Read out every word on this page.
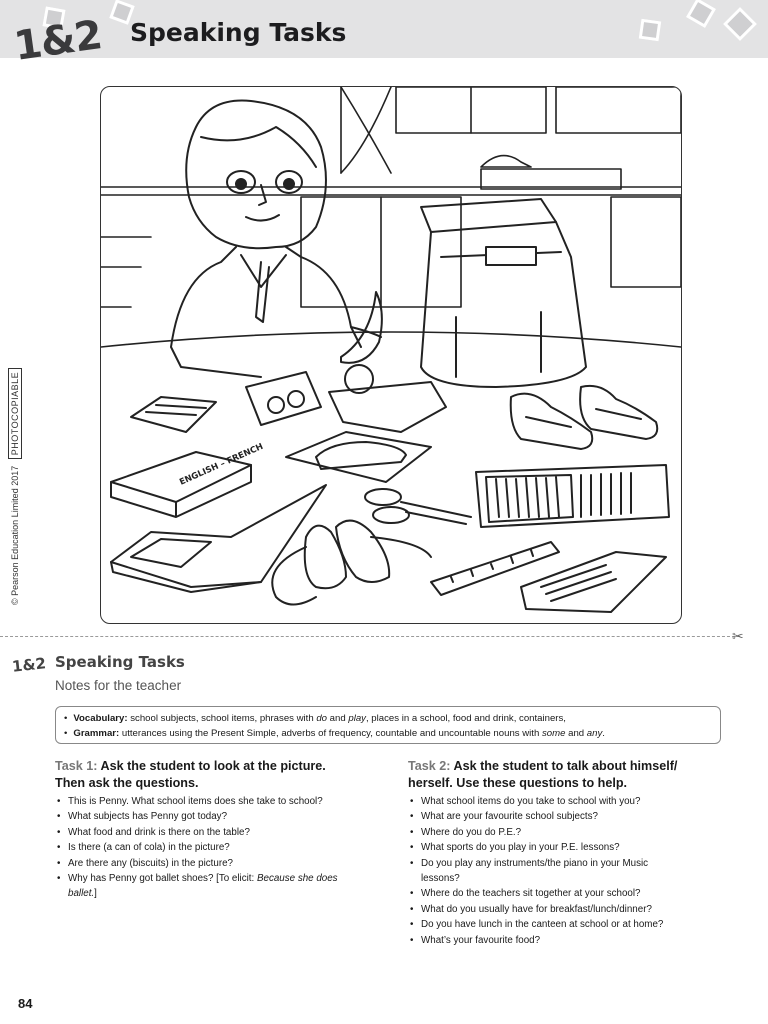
1&2 Speaking Tasks
© Pearson Education Limited 2017 PHOTOCOPIABLE
ENGLISH – FRENCH
✂
1&2 Speaking Tasks
Notes for the teacher
• Vocabulary: school subjects, school items, phrases with do and play, places in a school, food and drink, containers,
• Grammar: utterances using the Present Simple, adverbs of frequency, countable and uncountable nouns with some and any.
Task 1: Ask the student to look at the picture.
Then ask the questions.
• This is Penny. What school items does she take to school?
• What subjects has Penny got today?
• What food and drink is there on the table?
• Is there (a can of cola) in the picture?
• Are there any (biscuits) in the picture?
• Why has Penny got ballet shoes? [To elicit: Because she does
ballet.]
Task 2: Ask the student to talk about himself/
herself. Use these questions to help.
• What school items do you take to school with you?
• What are your favourite school subjects?
• Where do you do P.E.?
• What sports do you play in your P.E. lessons?
• Do you play any instruments/the piano in your Music
lessons?
• Where do the teachers sit together at your school?
• What do you usually have for breakfast/lunch/dinner?
• Do you have lunch in the canteen at school or at home?
• What’s your favourite food?
84
